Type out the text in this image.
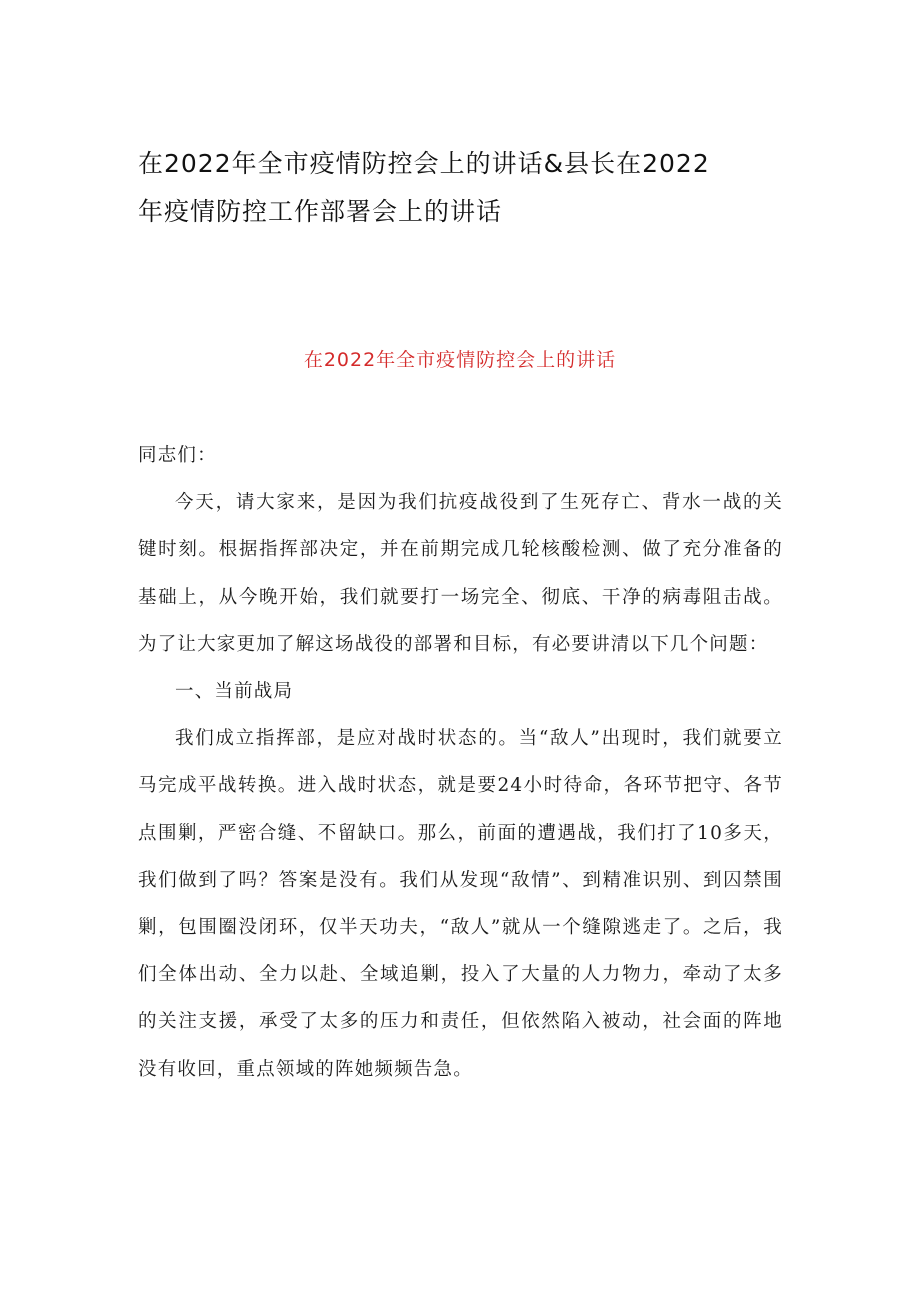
在2022年全市疫情防控会上的讲话&县长在2022
年疫情防控工作部署会上的讲话
在2022年全市疫情防控会上的讲话

同志们：

今天，请大家来，是因为我们抗疫战役到了生死存亡、背水一战的关键时刻。根据指挥部决定，并在前期完成几轮核酸检测、做了充分准备的基础上，从今晚开始，我们就要打一场完全、彻底、干净的病毒阻击战。为了让大家更加了解这场战役的部署和目标，有必要讲清以下几个问题：

一、当前战局

我们成立指挥部，是应对战时状态的。当“敌人”出现时，我们就要立马完成平战转换。进入战时状态，就是要24小时待命，各环节把守、各节点围剿，严密合缝、不留缺口。那么，前面的遭遇战，我们打了10多天，我们做到了吗？答案是没有。我们从发现“敌情”、到精准识别、到囚禁围剿，包围圈没闭环，仅半天功夫，“敌人”就从一个缝隙逃走了。之后，我们全体出动、全力以赴、全域追剿，投入了大量的人力物力，牵动了太多的关注支援，承受了太多的压力和责任，但依然陷入被动，社会面的阵地没有收回，重点领域的阵她频频告急。
